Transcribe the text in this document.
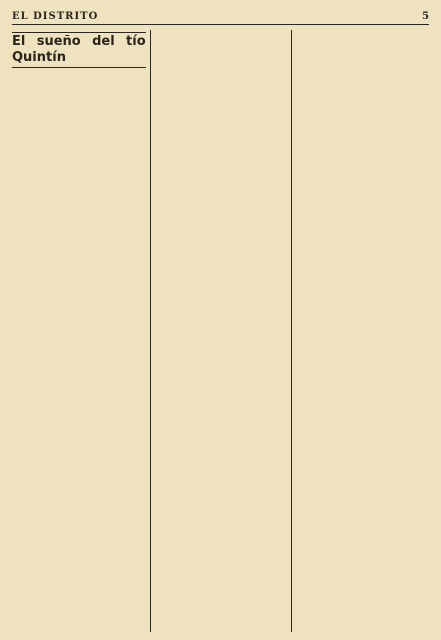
EL DISTRITO	5
El sueño del tío Quintín
